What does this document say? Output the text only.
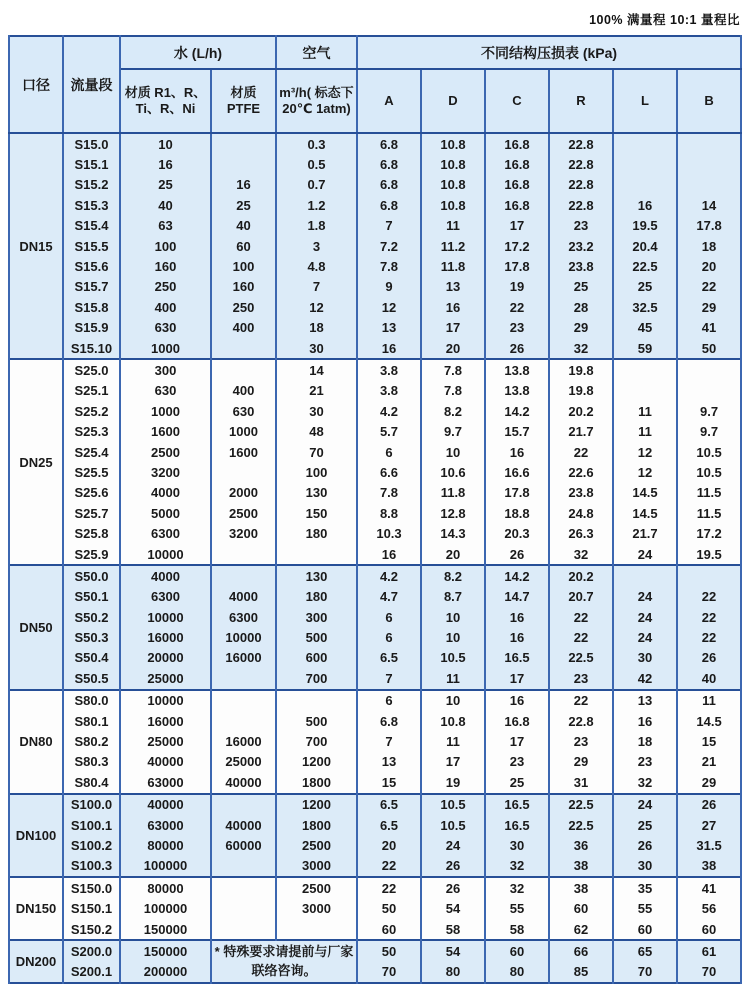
100% 满量程 10:1 量程比
口径	流量段	水 (L/h)		空气	不同结构压损表 (kPa)					
		材质 R1、R、Ti、R、Ni	材质 PTFE	m³/h( 标态下 20℃ 1atm)	A	D	C	R	L	B
DN15	S15.0	10		0.3	6.8	10.8	16.8	22.8		
	S15.1	16		0.5	6.8	10.8	16.8	22.8		
	S15.2	25	16	0.7	6.8	10.8	16.8	22.8		
	S15.3	40	25	1.2	6.8	10.8	16.8	22.8	16	14
	S15.4	63	40	1.8	7	11	17	23	19.5	17.8
	S15.5	100	60	3	7.2	11.2	17.2	23.2	20.4	18
	S15.6	160	100	4.8	7.8	11.8	17.8	23.8	22.5	20
	S15.7	250	160	7	9	13	19	25	25	22
	S15.8	400	250	12	12	16	22	28	32.5	29
	S15.9	630	400	18	13	17	23	29	45	41
	S15.10	1000		30	16	20	26	32	59	50
DN25	S25.0	300		14	3.8	7.8	13.8	19.8		
	S25.1	630	400	21	3.8	7.8	13.8	19.8		
	S25.2	1000	630	30	4.2	8.2	14.2	20.2	11	9.7
	S25.3	1600	1000	48	5.7	9.7	15.7	21.7	11	9.7
	S25.4	2500	1600	70	6	10	16	22	12	10.5
	S25.5	3200		100	6.6	10.6	16.6	22.6	12	10.5
	S25.6	4000	2000	130	7.8	11.8	17.8	23.8	14.5	11.5
	S25.7	5000	2500	150	8.8	12.8	18.8	24.8	14.5	11.5
	S25.8	6300	3200	180	10.3	14.3	20.3	26.3	21.7	17.2
	S25.9	10000			16	20	26	32	24	19.5
DN50	S50.0	4000		130	4.2	8.2	14.2	20.2		
	S50.1	6300	4000	180	4.7	8.7	14.7	20.7	24	22
	S50.2	10000	6300	300	6	10	16	22	24	22
	S50.3	16000	10000	500	6	10	16	22	24	22
	S50.4	20000	16000	600	6.5	10.5	16.5	22.5	30	26
	S50.5	25000		700	7	11	17	23	42	40
DN80	S80.0	10000			6	10	16	22	13	11
	S80.1	16000		500	6.8	10.8	16.8	22.8	16	14.5
	S80.2	25000	16000	700	7	11	17	23	18	15
	S80.3	40000	25000	1200	13	17	23	29	23	21
	S80.4	63000	40000	1800	15	19	25	31	32	29
DN100	S100.0	40000		1200	6.5	10.5	16.5	22.5	24	26
	S100.1	63000	40000	1800	6.5	10.5	16.5	22.5	25	27
	S100.2	80000	60000	2500	20	24	30	36	26	31.5
	S100.3	100000		3000	22	26	32	38	30	38
DN150	S150.0	80000		2500	22	26	32	38	35	41
	S150.1	100000		3000	50	54	55	60	55	56
	S150.2	150000			60	58	58	62	60	60
DN200	S200.0	150000	* 特殊要求请提前与厂家联络咨询。		50	54	60	66	65	61
	S200.1	200000			70	80	80	85	70	70
